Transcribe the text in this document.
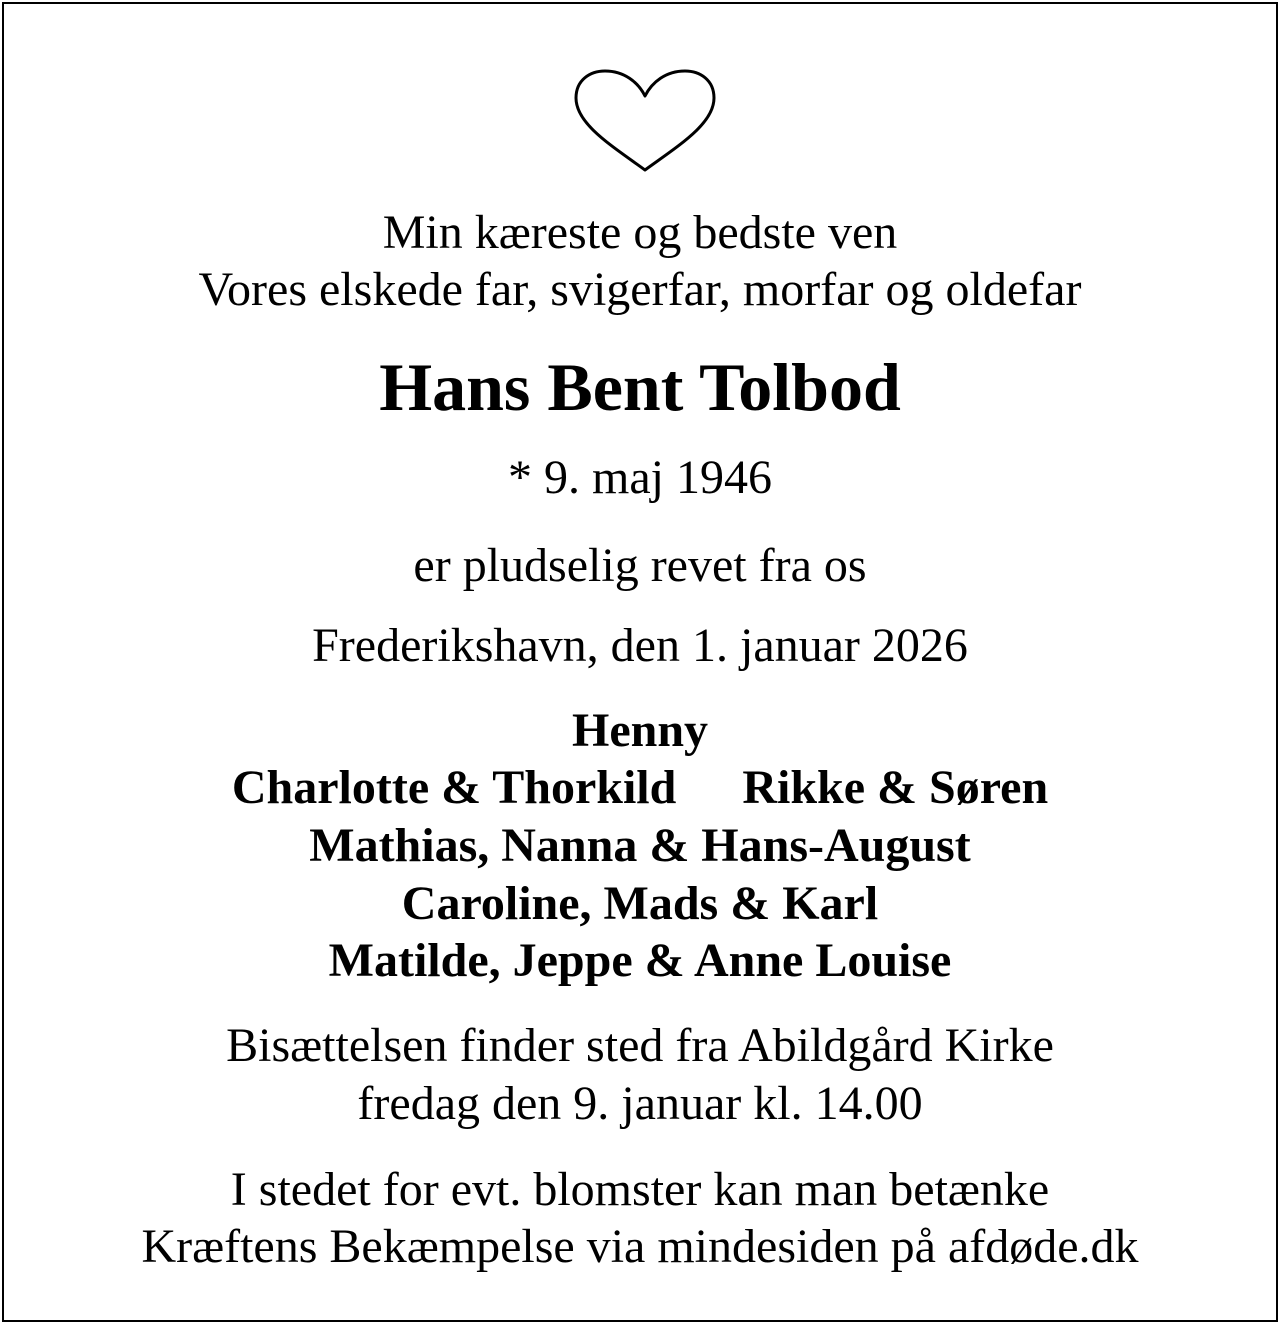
Min kæreste og bedste ven
Vores elskede far, svigerfar, morfar og oldefar
Hans Bent Tolbod
* 9. maj 1946
er pludselig revet fra os
Frederikshavn, den 1. januar 2026
Henny
Charlotte & Thorkild Rikke & Søren
Mathias, Nanna & Hans-August
Caroline, Mads & Karl
Matilde, Jeppe & Anne Louise
Bisættelsen finder sted fra Abildgård Kirke
fredag den 9. januar kl. 14.00
I stedet for evt. blomster kan man betænke
Kræftens Bekæmpelse via mindesiden på afdøde.dk
